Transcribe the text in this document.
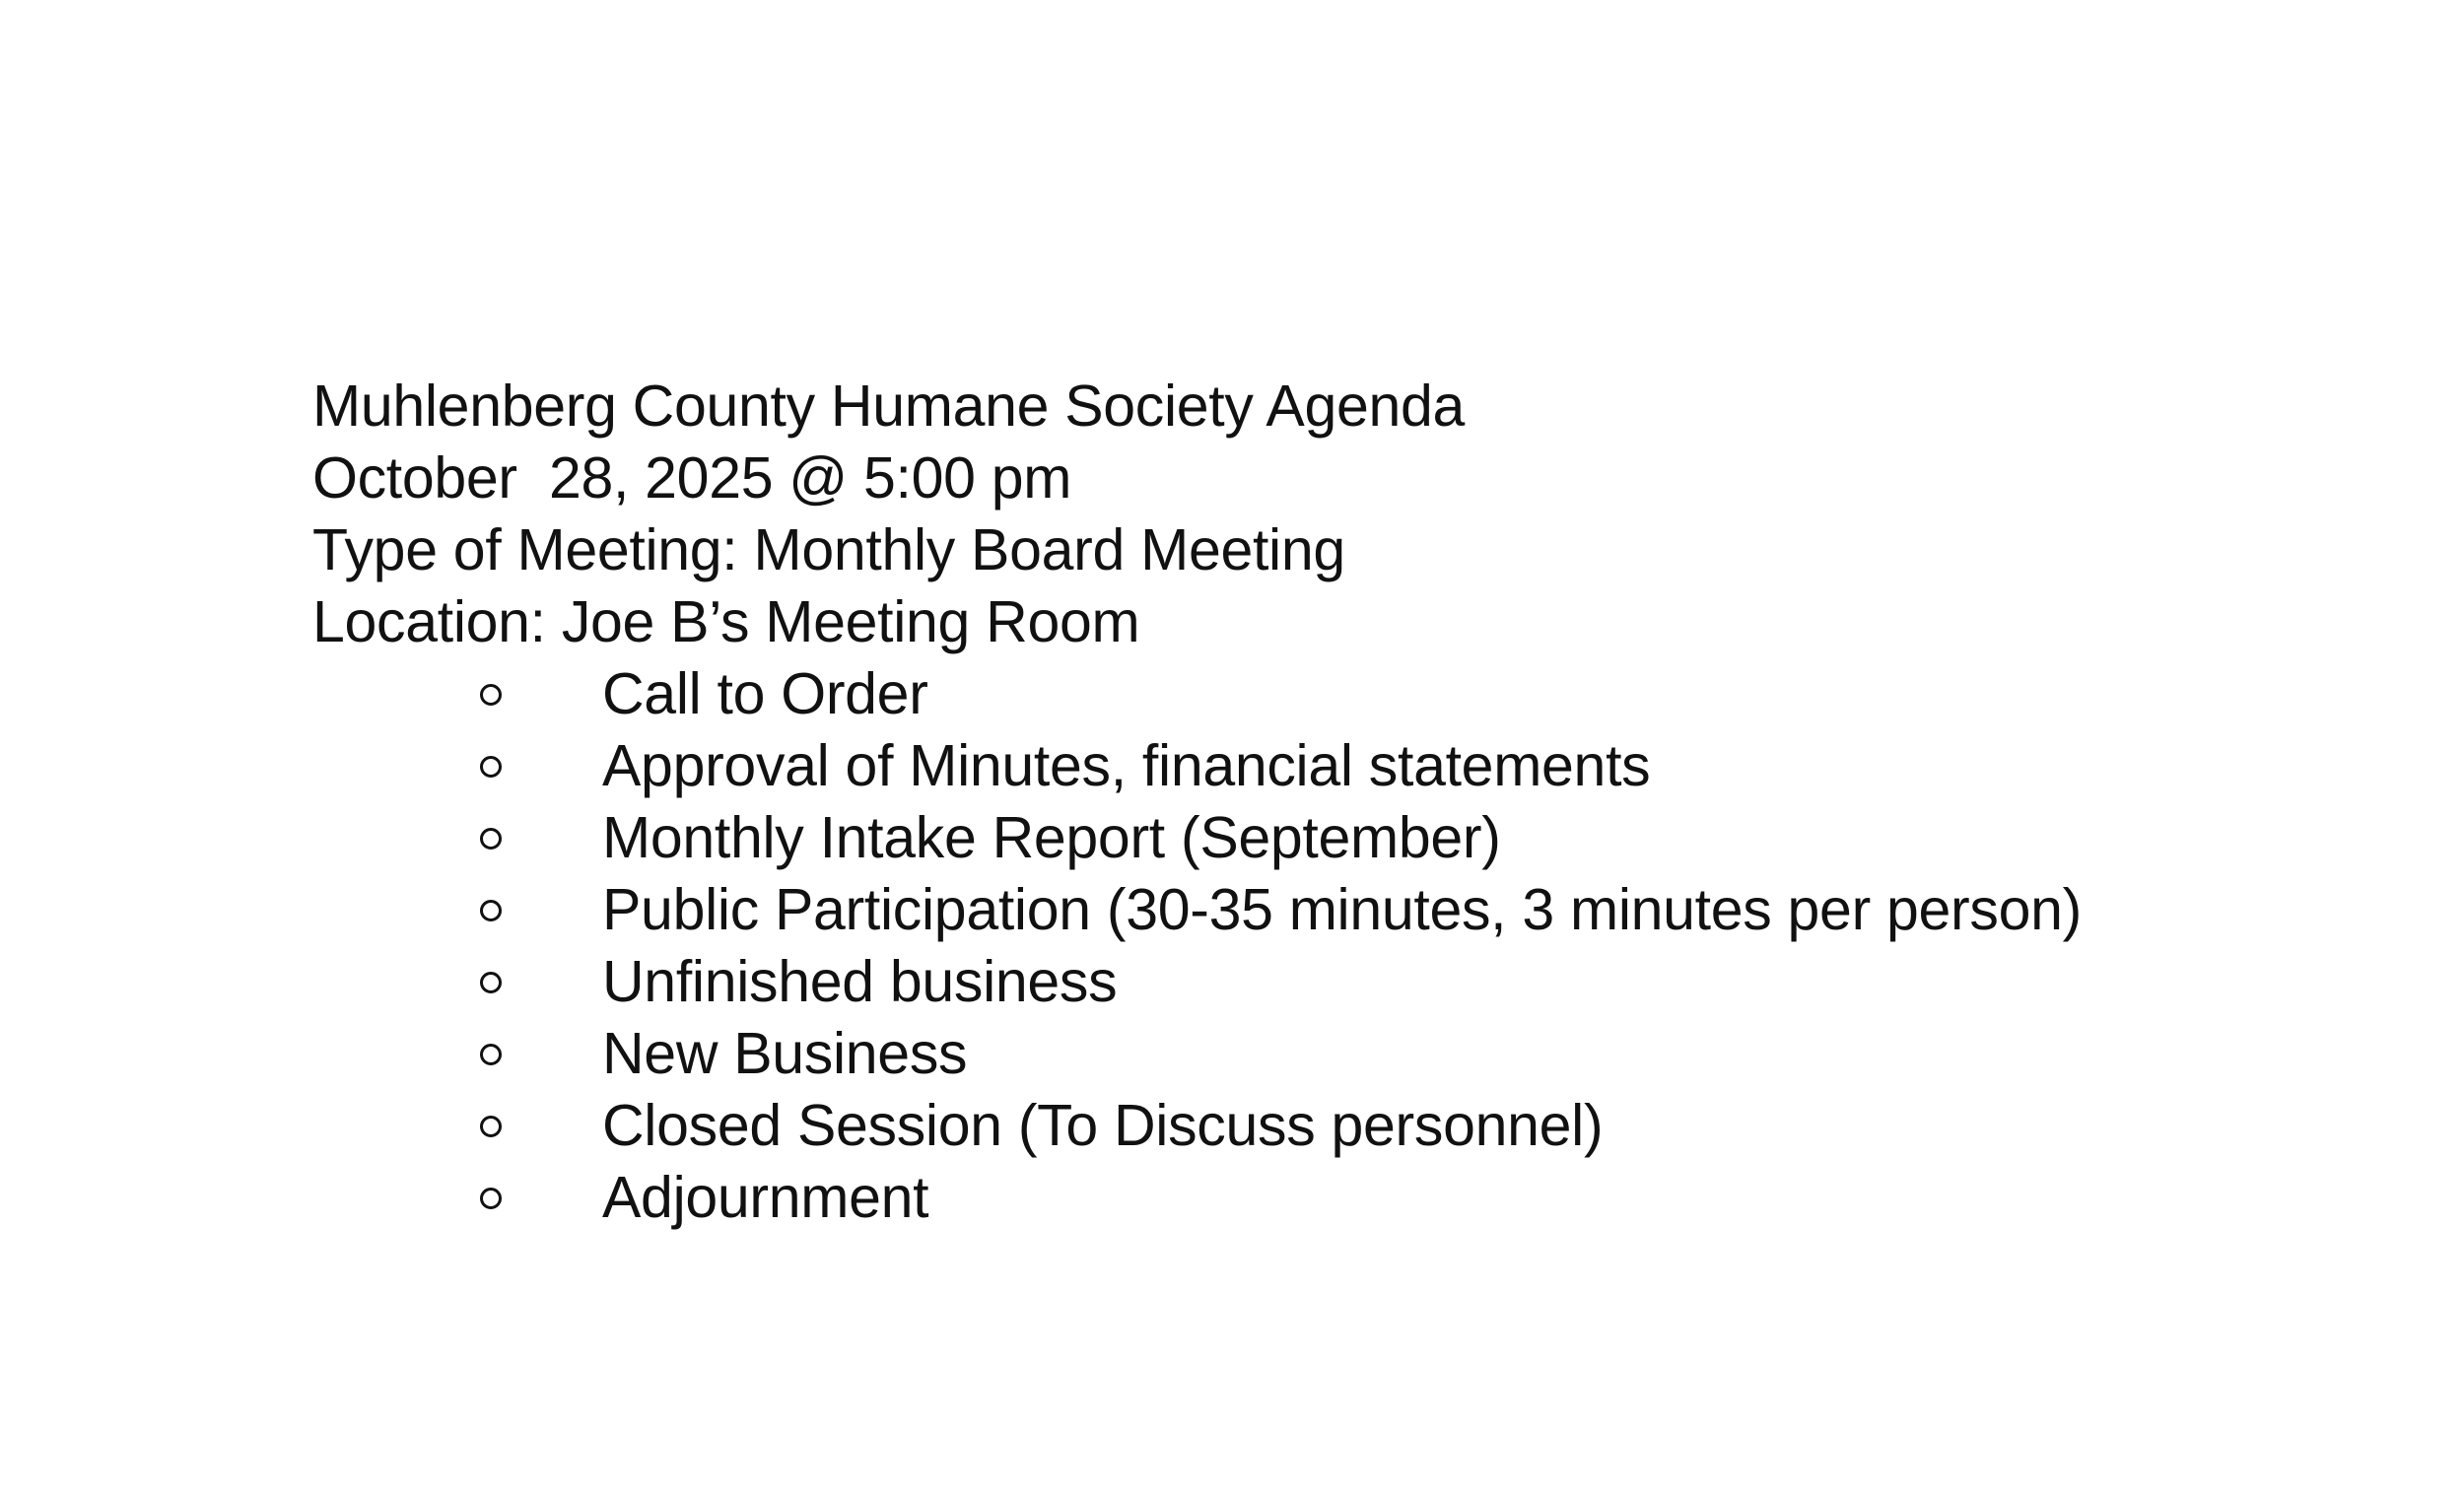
Muhlenberg County Humane Society Agenda
October  28, 2025 @ 5:00 pm
Type of Meeting: Monthly Board Meeting
Location: Joe B’s Meeting Room

Call to Order

Approval of Minutes, financial statements

Monthly Intake Report (September)

Public Participation (30-35 minutes, 3 minutes per person)

Unfinished business

New Business

Closed Session (To Discuss personnel)

Adjournment
